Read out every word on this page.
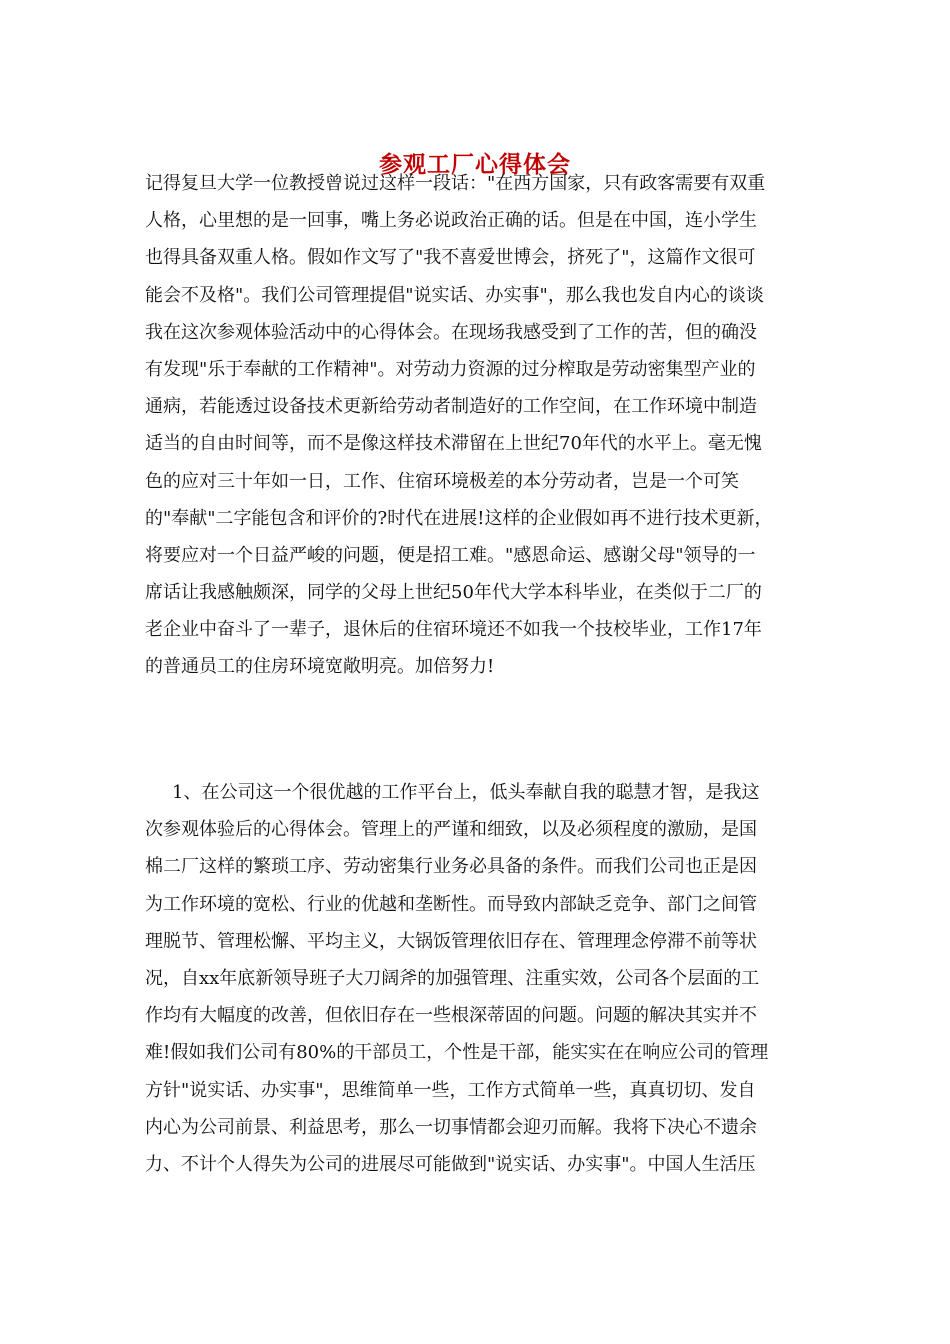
参观工厂心得体会
记得复旦大学一位教授曾说过这样一段话："在西方国家，只有政客需要有双重
人格，心里想的是一回事，嘴上务必说政治正确的话。但是在中国，连小学生
也得具备双重人格。假如作文写了"我不喜爱世博会，挤死了"，这篇作文很可
能会不及格"。我们公司管理提倡"说实话、办实事"，那么我也发自内心的谈谈
我在这次参观体验活动中的心得体会。在现场我感受到了工作的苦，但的确没
有发现"乐于奉献的工作精神"。对劳动力资源的过分榨取是劳动密集型产业的
通病，若能透过设备技术更新给劳动者制造好的工作空间，在工作环境中制造
适当的自由时间等，而不是像这样技术滞留在上世纪70年代的水平上。毫无愧
色的应对三十年如一日，工作、住宿环境极差的本分劳动者，岂是一个可笑
的"奉献"二字能包含和评价的?时代在进展!这样的企业假如再不进行技术更新，
将要应对一个日益严峻的问题，便是招工难。"感恩命运、感谢父母"领导的一
席话让我感触颇深，同学的父母上世纪50年代大学本科毕业，在类似于二厂的
老企业中奋斗了一辈子，退休后的住宿环境还不如我一个技校毕业，工作17年
的普通员工的住房环境宽敞明亮。加倍努力!
1、在公司这一个很优越的工作平台上，低头奉献自我的聪慧才智，是我这
次参观体验后的心得体会。管理上的严谨和细致，以及必须程度的激励，是国
棉二厂这样的繁琐工序、劳动密集行业务必具备的条件。而我们公司也正是因
为工作环境的宽松、行业的优越和垄断性。而导致内部缺乏竞争、部门之间管
理脱节、管理松懈、平均主义，大锅饭管理依旧存在、管理理念停滞不前等状
况，自xx年底新领导班子大刀阔斧的加强管理、注重实效，公司各个层面的工
作均有大幅度的改善，但依旧存在一些根深蒂固的问题。问题的解决其实并不
难!假如我们公司有80%的干部员工，个性是干部，能实实在在响应公司的管理
方针"说实话、办实事"，思维简单一些，工作方式简单一些，真真切切、发自
内心为公司前景、利益思考，那么一切事情都会迎刃而解。我将下决心不遗余
力、不计个人得失为公司的进展尽可能做到"说实话、办实事"。中国人生活压
